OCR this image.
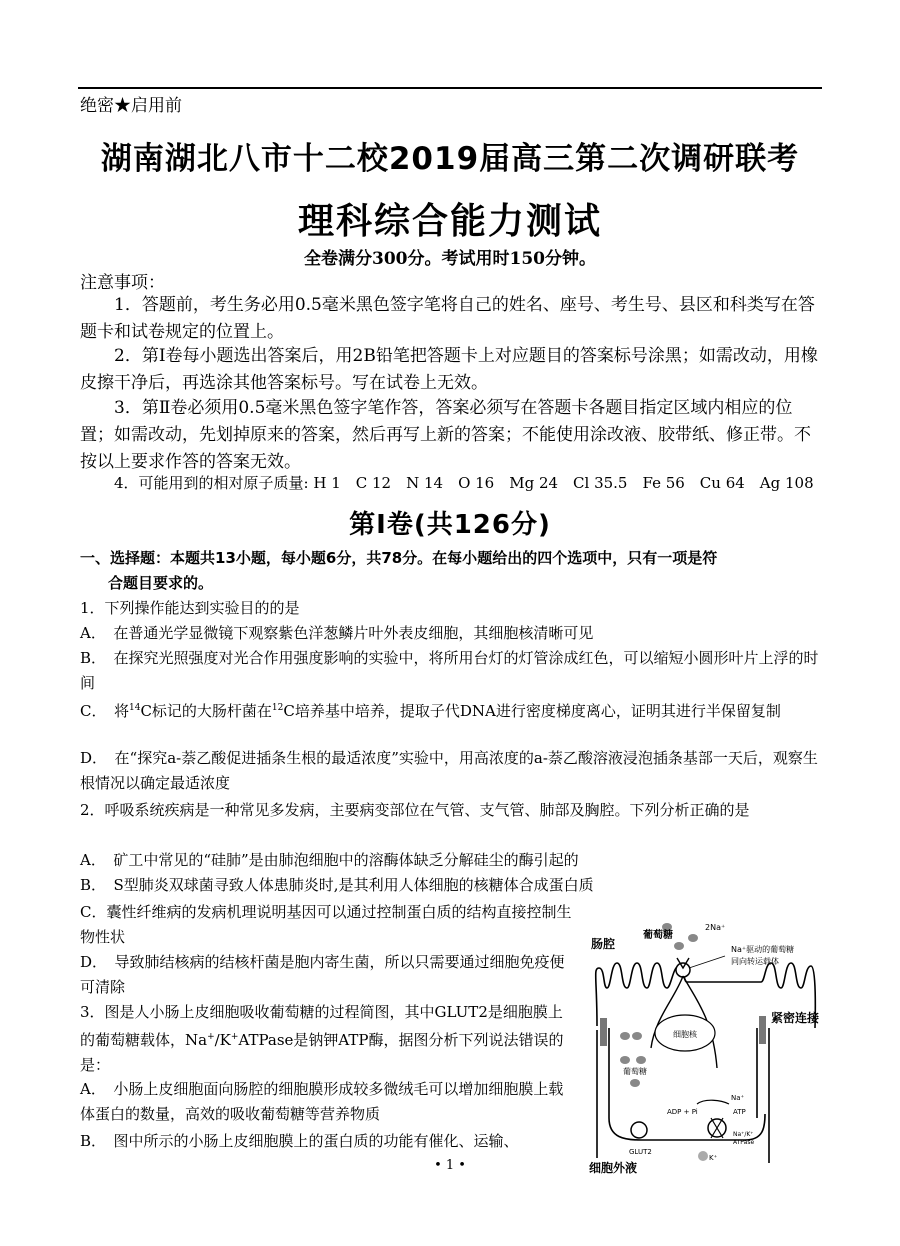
绝密★启用前
湖南湖北八市十二校2019届高三第二次调研联考
理科综合能力测试
全卷满分300分。考试用时150分钟。
注意事项：
1．答题前，考生务必用0.5毫米黑色签字笔将自己的姓名、座号、考生号、县区和科类写在答题卡和试卷规定的位置上。
2．第Ⅰ卷每小题选出答案后，用2B铅笔把答题卡上对应题目的答案标号涂黑；如需改动，用橡皮擦干净后，再选涂其他答案标号。写在试卷上无效。
3．第Ⅱ卷必须用0.5毫米黑色签字笔作答，答案必须写在答题卡各题目指定区域内相应的位置；如需改动，先划掉原来的答案，然后再写上新的答案；不能使用涂改液、胶带纸、修正带。不按以上要求作答的答案无效。
4．可能用到的相对原子质量: H 1　C 12　N 14　O 16　Mg 24　Cl 35.5　Fe 56　Cu 64　Ag 108
第Ⅰ卷(共126分)
一、选择题：本题共13小题，每小题6分，共78分。在每小题给出的四个选项中，只有一项是符
合题目要求的。
1．下列操作能达到实验目的的是
A．　在普通光学显微镜下观察紫色洋葱鳞片叶外表皮细胞，其细胞核清晰可见
B．　在探究光照强度对光合作用强度影响的实验中，将所用台灯的灯管涂成红色，可以缩短小圆形叶片上浮的时间
C．　将$^{14}$C标记的大肠杆菌在$^{12}$C培养基中培养，提取子代DNA进行密度梯度离心，证明其进行半保留复制
D．　在“探究a-萘乙酸促进插条生根的最适浓度”实验中，用高浓度的a-萘乙酸溶液浸泡插条基部一天后，观察生根情况以确定最适浓度
2．呼吸系统疾病是一种常见多发病，主要病变部位在气管、支气管、肺部及胸腔。下列分析正确的是
A．　矿工中常见的“硅肺”是由肺泡细胞中的溶酶体缺乏分解硅尘的酶引起的
B．　S型肺炎双球菌寻致人体患肺炎时,是其利用人体细胞的核糖体合成蛋白质
C．囊性纤维病的发病机理说明基因可以通过控制蛋白质的结构直接控制生物性状
D．　导致肺结核病的结核杆菌是胞内寄生菌，所以只需要通过细胞免疫便可清除
3．图是人小肠上皮细胞吸收葡萄糖的过程简图，其中GLUT2是细胞膜上的葡萄糖载体，Na+/K+ATPase是钠钾ATP酶，据图分析下列说法错误的是：
A．　小肠上皮细胞面向肠腔的细胞膜形成较多微绒毛可以增加细胞膜上载体蛋白的数量，高效的吸收葡萄糖等营养物质
B．　图中所示的小肠上皮细胞膜上的蛋白质的功能有催化、运输、
细胞核
葡萄糖
肠腔
葡萄糖
2Na⁺
Na⁺驱动的葡萄糖
同向转运载体
紧密连接
ADP + Pi	ATP
Na⁺
Na⁺/K⁺
ATPase
GLUT2
K⁺
细胞外液
• 1 •
